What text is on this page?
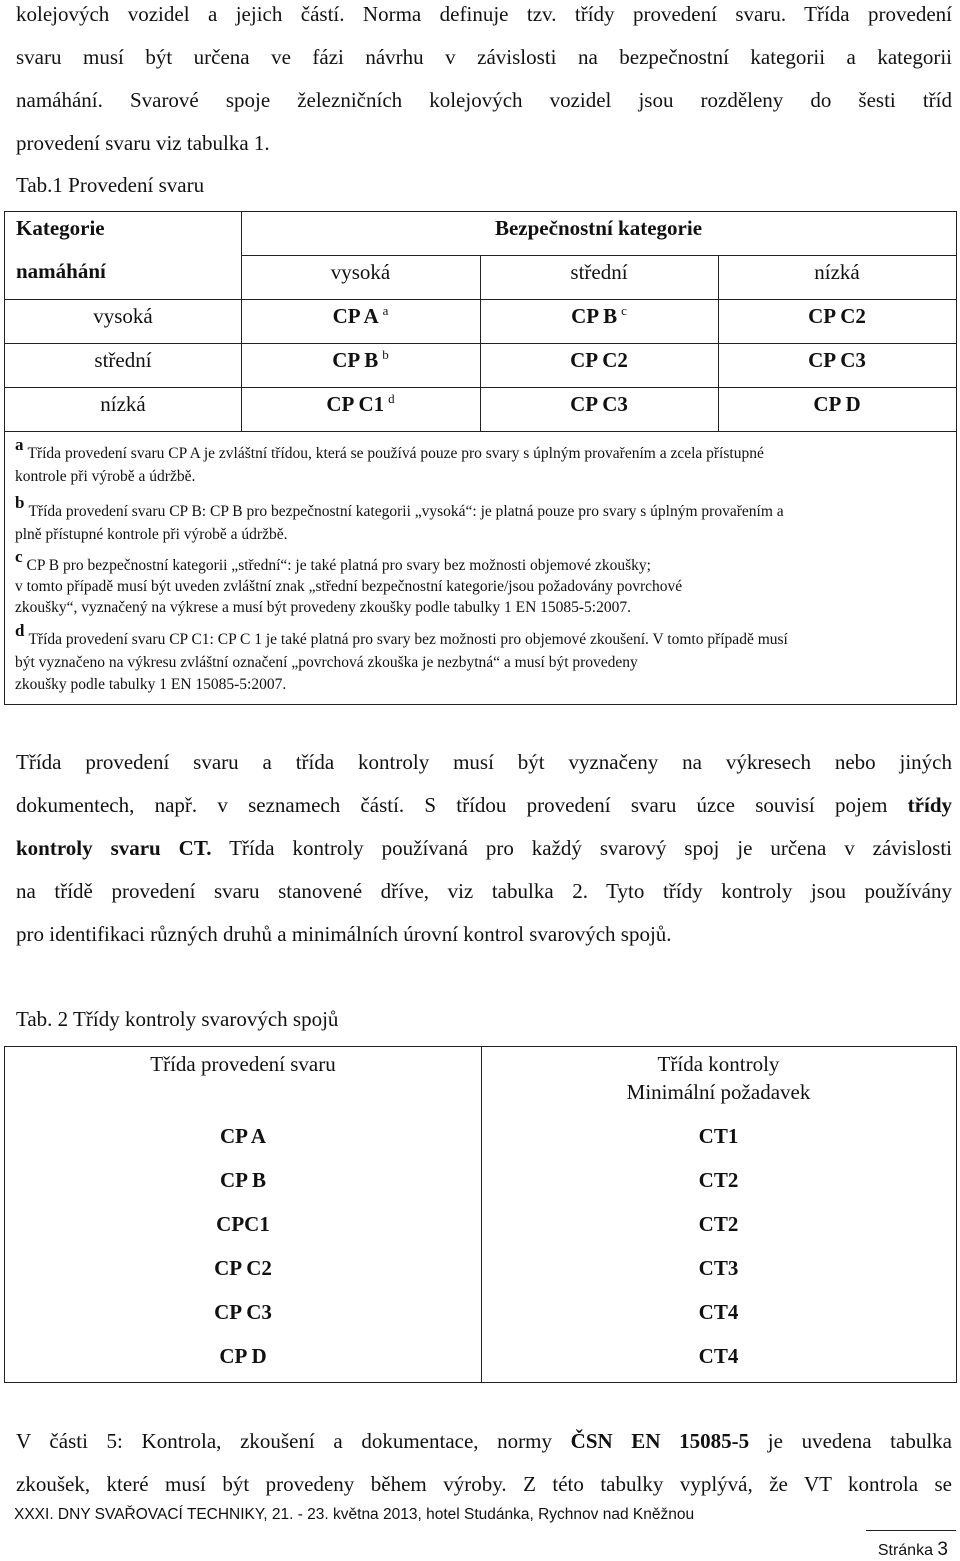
kolejových vozidel a jejich částí. Norma definuje tzv. třídy provedení svaru. Třída provedení
svaru musí být určena ve fázi návrhu v závislosti na bezpečnostní kategorii a kategorii
namáhání. Svarové spoje železničních kolejových vozidel jsou rozděleny do šesti tříd
provedení svaru viz tabulka 1.
Tab.1 Provedení svaru
Kategorie
namáhání
Bezpečnostní kategorie
vysoká	střední	nízká
vysoká	CP A $^a$	CP B $^c$	CP C2
střední	CP B $^b$	CP C2	CP C3
nízká	CP C1 $^d$	CP C3	CP D
a Třída provedení svaru CP A je zvláštní třídou, která se používá pouze pro svary s úplným provařením a zcela přístupné
kontrole při výrobě a údržbě.
b Třída provedení svaru CP B: CP B pro bezpečnostní kategorii „vysoká“: je platná pouze pro svary s úplným provařením a
plně přístupné kontrole při výrobě a údržbě.
c CP B pro bezpečnostní kategorii „střední“: je také platná pro svary bez možnosti objemové zkoušky;
v tomto případě musí být uveden zvláštní znak „střední bezpečnostní kategorie/jsou požadovány povrchové
zkoušky“, vyznačený na výkrese a musí být provedeny zkoušky podle tabulky 1 EN 15085-5:2007.
d Třída provedení svaru CP C1: CP C 1 je také platná pro svary bez možnosti pro objemové zkoušení. V tomto případě musí
být vyznačeno na výkresu zvláštní označení „povrchová zkouška je nezbytná“ a musí být provedeny
zkoušky podle tabulky 1 EN 15085-5:2007.
Třída provedení svaru a třída kontroly musí být vyznačeny na výkresech nebo jiných
dokumentech, např. v seznamech částí. S třídou provedení svaru úzce souvisí pojem třídy
kontroly svaru CT. Třída kontroly používaná pro každý svarový spoj je určena v závislosti
na třídě provedení svaru stanovené dříve, viz tabulka 2. Tyto třídy kontroly jsou používány
pro identifikaci různých druhů a minimálních úrovní kontrol svarových spojů.
Tab. 2 Třídy kontroly svarových spojů
Třída provedení svaru	Třída kontroly
Minimální požadavek
CP A	CT1
CP B	CT2
CPC1	CT2
CP C2	CT3
CP C3	CT4
CP D	CT4
V části 5: Kontrola, zkoušení a dokumentace, normy ČSN EN 15085-5 je uvedena tabulka
zkoušek, které musí být provedeny během výroby. Z této tabulky vyplývá, že VT kontrola se
XXXI. DNY SVAŘOVACÍ TECHNIKY, 21. - 23. května 2013, hotel Studánka, Rychnov nad Kněžnou
Stránka 3
